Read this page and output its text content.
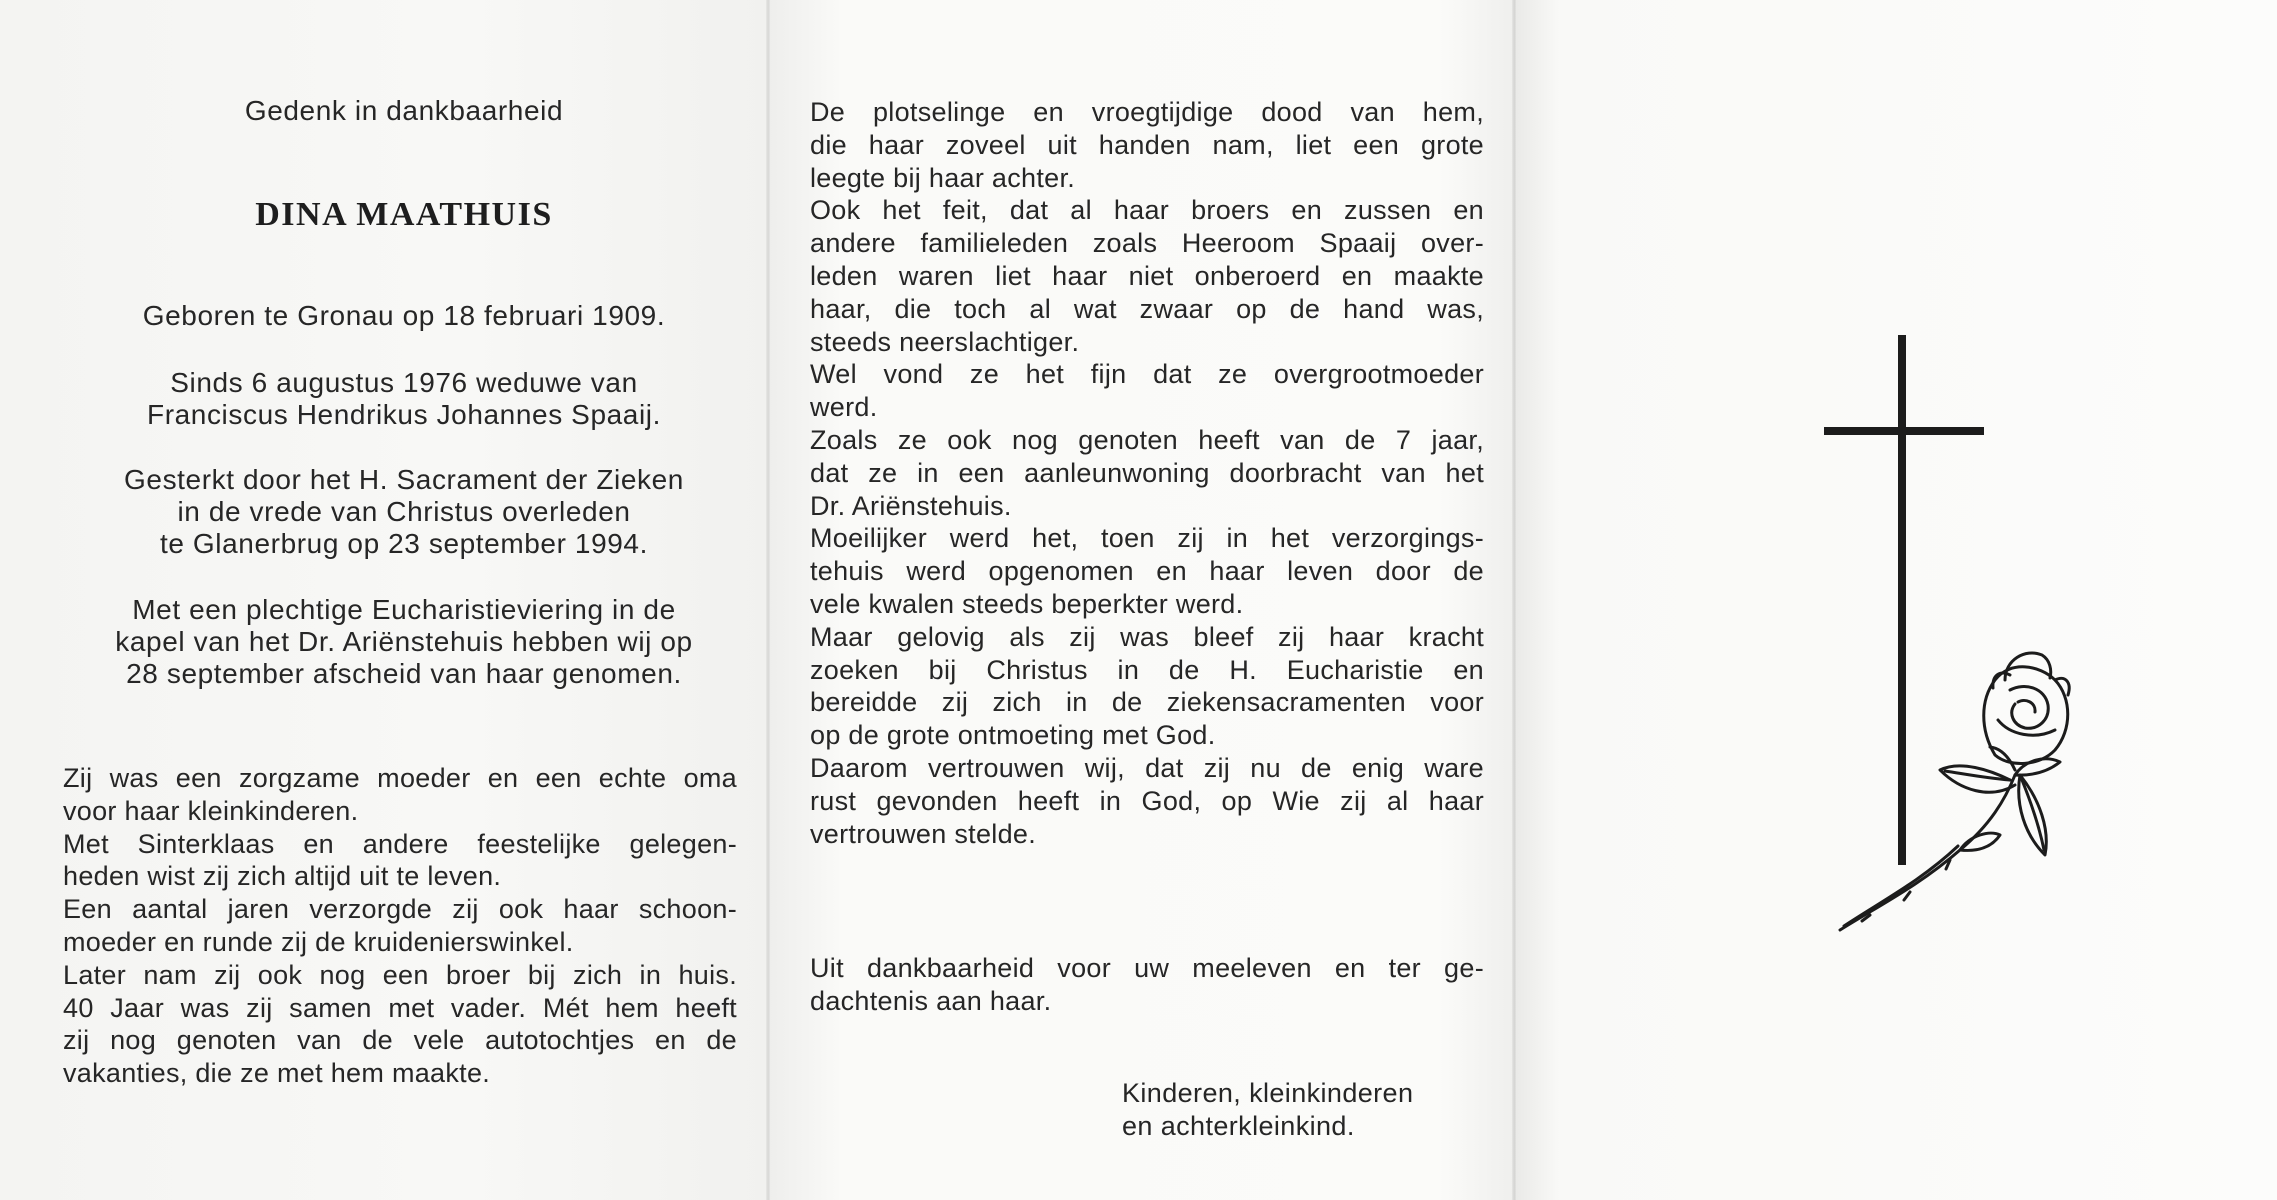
Gedenk in dankbaarheid
DINA MAATHUIS
Geboren te Gronau op 18 februari 1909.
Sinds 6 augustus 1976 weduwe van
Franciscus Hendrikus Johannes Spaaij.
Gesterkt door het H. Sacrament der Zieken
in de vrede van Christus overleden
te Glanerbrug op 23 september 1994.
Met een plechtige Eucharistieviering in de
kapel van het Dr. Ariënstehuis hebben wij op
28 september afscheid van haar genomen.
Zij was een zorgzame moeder en een echte oma
voor haar kleinkinderen.
Met Sinterklaas en andere feestelijke gelegen-
heden wist zij zich altijd uit te leven.
Een aantal jaren verzorgde zij ook haar schoon-
moeder en runde zij de kruidenierswinkel.
Later nam zij ook nog een broer bij zich in huis.
40 Jaar was zij samen met vader. Mét hem heeft
zij nog genoten van de vele autotochtjes en de
vakanties, die ze met hem maakte.
De plotselinge en vroegtijdige dood van hem,
die haar zoveel uit handen nam, liet een grote
leegte bij haar achter.
Ook het feit, dat al haar broers en zussen en
andere familieleden zoals Heeroom Spaaij over-
leden waren liet haar niet onberoerd en maakte
haar, die toch al wat zwaar op de hand was,
steeds neerslachtiger.
Wel vond ze het fijn dat ze overgrootmoeder
werd.
Zoals ze ook nog genoten heeft van de 7 jaar,
dat ze in een aanleunwoning doorbracht van het
Dr. Ariënstehuis.
Moeilijker werd het, toen zij in het verzorgings-
tehuis werd opgenomen en haar leven door de
vele kwalen steeds beperkter werd.
Maar gelovig als zij was bleef zij haar kracht
zoeken bij Christus in de H. Eucharistie en
bereidde zij zich in de ziekensacramenten voor
op de grote ontmoeting met God.
Daarom vertrouwen wij, dat zij nu de enig ware
rust gevonden heeft in God, op Wie zij al haar
vertrouwen stelde.
Uit dankbaarheid voor uw meeleven en ter ge-
dachtenis aan haar.
Kinderen, kleinkinderen
en achterkleinkind.
